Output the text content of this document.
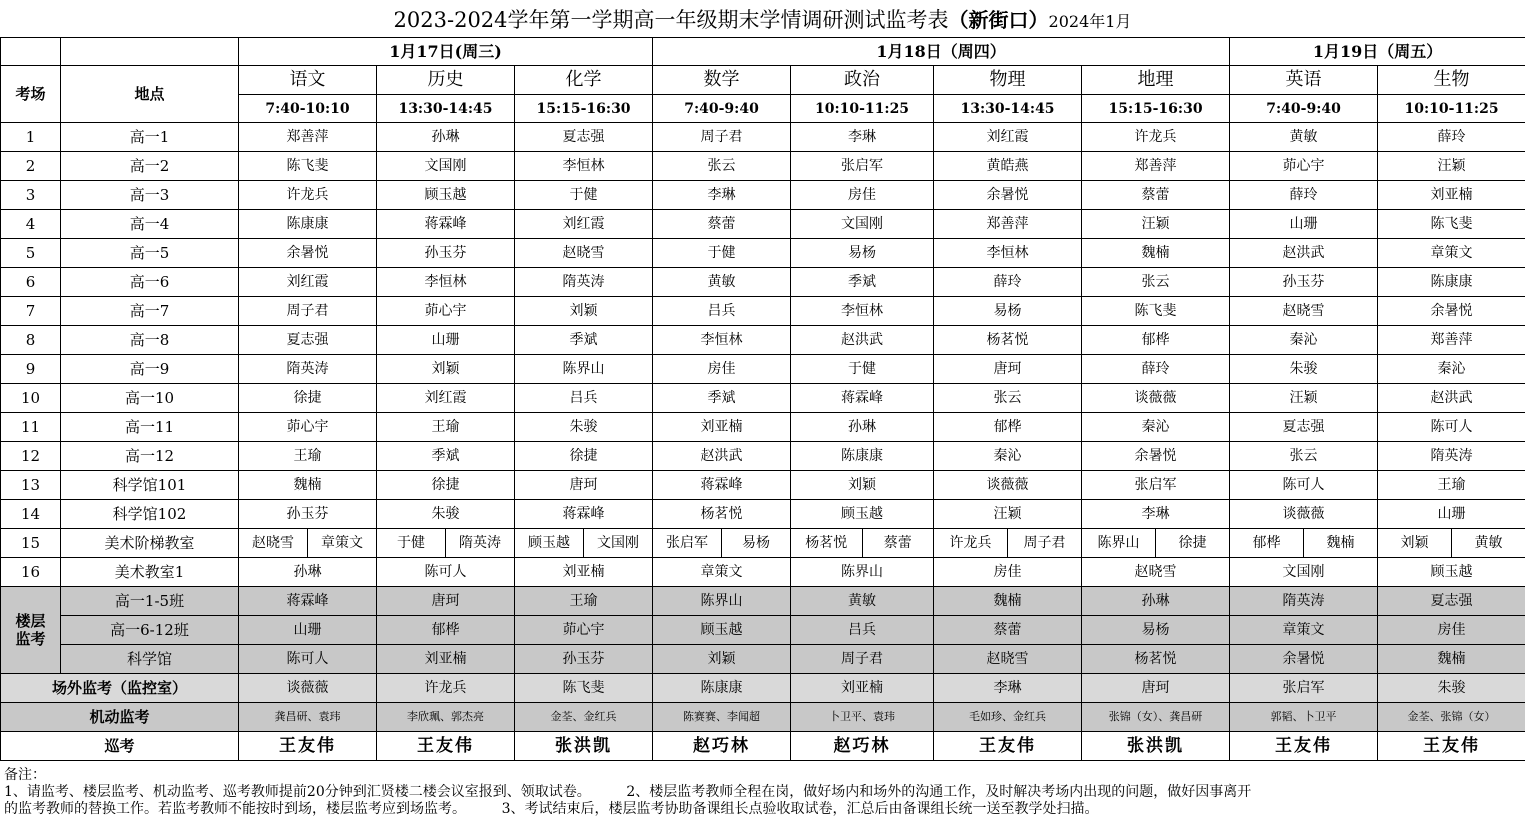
2023-2024学年第一学期高一年级期末学情调研测试监考表（新街口）2024年1月
		1月17日(周三)			1月18日（周四）				1月19日（周五）	
考场	地点	语文	历史	化学	数学	政治	物理	地理	英语	生物
		7:40-10:10	13:30-14:45	15:15-16:30	7:40-9:40	10:10-11:25	13:30-14:45	15:15-16:30	7:40-9:40	10:10-11:25
1	高一1	郑善萍	孙琳	夏志强	周子君	李琳	刘红霞	许龙兵	黄敏	薛玲
2	高一2	陈飞斐	文国刚	李恒林	张云	张启军	黄皓燕	郑善萍	茆心宇	汪颖
3	高一3	许龙兵	顾玉越	于健	李琳	房佳	余暑悦	蔡蕾	薛玲	刘亚楠
4	高一4	陈康康	蒋霖峰	刘红霞	蔡蕾	文国刚	郑善萍	汪颖	山珊	陈飞斐
5	高一5	余暑悦	孙玉芬	赵晓雪	于健	易杨	李恒林	魏楠	赵洪武	章策文
6	高一6	刘红霞	李恒林	隋英涛	黄敏	季斌	薛玲	张云	孙玉芬	陈康康
7	高一7	周子君	茆心宇	刘颖	吕兵	李恒林	易杨	陈飞斐	赵晓雪	余暑悦
8	高一8	夏志强	山珊	季斌	李恒林	赵洪武	杨茗悦	郁桦	秦沁	郑善萍
9	高一9	隋英涛	刘颖	陈界山	房佳	于健	唐珂	薛玲	朱骏	秦沁
10	高一10	徐捷	刘红霞	吕兵	季斌	蒋霖峰	张云	谈薇薇	汪颖	赵洪武
11	高一11	茆心宇	王瑜	朱骏	刘亚楠	孙琳	郁桦	秦沁	夏志强	陈可人
12	高一12	王瑜	季斌	徐捷	赵洪武	陈康康	秦沁	余暑悦	张云	隋英涛
13	科学馆101	魏楠	徐捷	唐珂	蒋霖峰	刘颖	谈薇薇	张启军	陈可人	王瑜
14	科学馆102	孙玉芬	朱骏	蒋霖峰	杨茗悦	顾玉越	汪颖	李琳	谈薇薇	山珊
15	美术阶梯教室	赵晓雪 章策文	于健 隋英涛	顾玉越 文国刚	张启军 易杨	杨茗悦 蔡蕾	许龙兵 周子君	陈界山 徐捷	郁桦 魏楠	刘颖 黄敏

16	美术教室1	孙琳	陈可人	刘亚楠	章策文	陈界山	房佳	赵晓雪	文国刚	顾玉越
楼层
监考	高一1-5班	蒋霖峰	唐珂	王瑜	陈界山	黄敏	魏楠	孙琳	隋英涛	夏志强
	高一6-12班	山珊	郁桦	茆心宇	顾玉越	吕兵	蔡蕾	易杨	章策文	房佳
	科学馆	陈可人	刘亚楠	孙玉芬	刘颖	周子君	赵晓雪	杨茗悦	余暑悦	魏楠
场外监考（监控室）		谈薇薇	许龙兵	陈飞斐	陈康康	刘亚楠	李琳	唐珂	张启军	朱骏
机动监考		龚昌研、袁玮	李欣珮、郭杰亮	金荃、金红兵	陈赛赛、李闻超	卜卫平、袁玮	毛如珍、金红兵	张锦（女）、龚昌研	郭韬、卜卫平	金荃、张锦（女）
巡考		王友伟	王友伟	张洪凯	赵巧林	赵巧林	王友伟	张洪凯	王友伟	王友伟
备注：
1、请监考、楼层监考、机动监考、巡考教师提前20分钟到汇贤楼二楼会议室报到、领取试卷。        2、楼层监考教师全程在岗，做好场内和场外的沟通工作，及时解决考场内出现的问题，做好因事离开
的监考教师的替换工作。若监考教师不能按时到场，楼层监考应到场监考。        3、考试结束后，楼层监考协助备课组长点验收取试卷，汇总后由备课组长统一送至教学处扫描。
